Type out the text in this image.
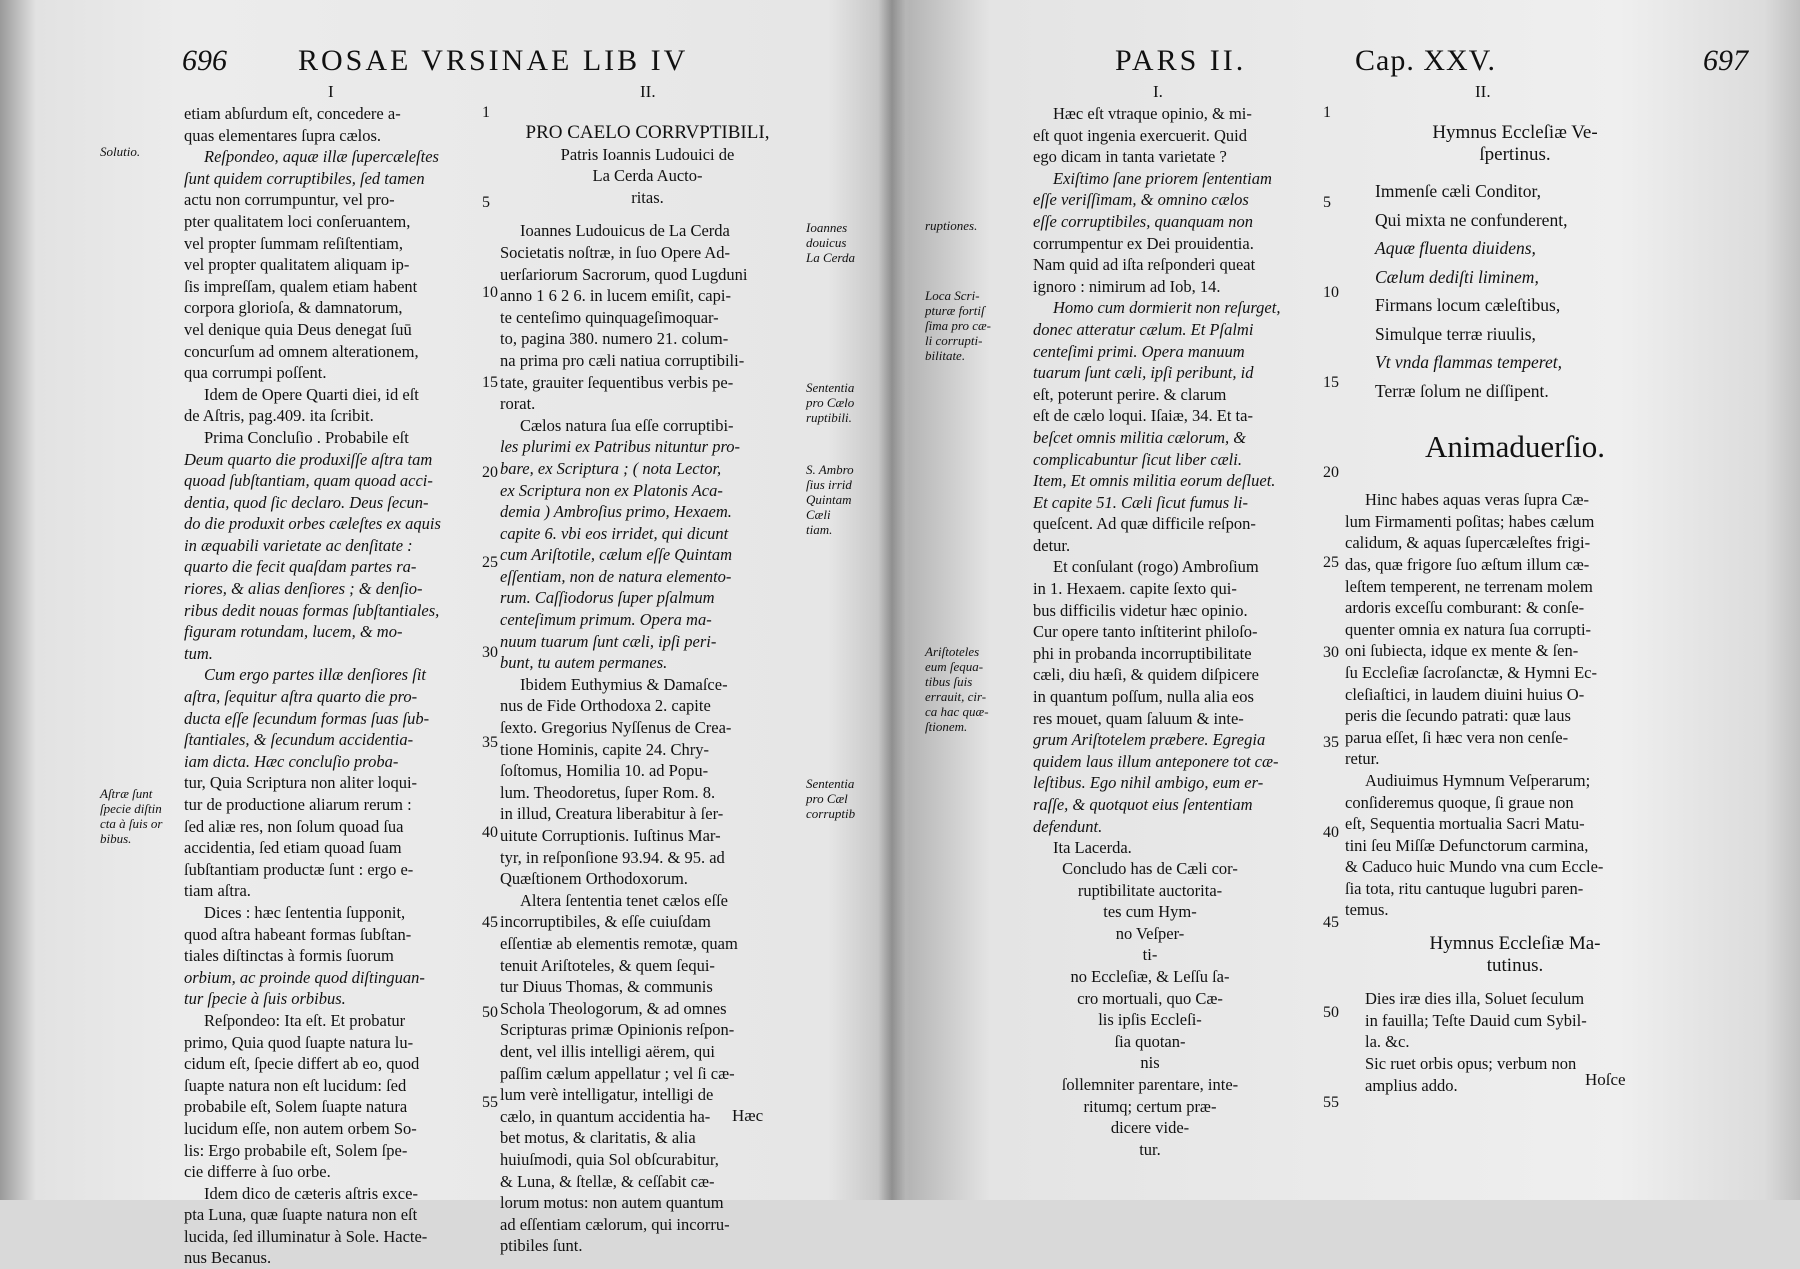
696 ROSAE VRSINAE LIB IV
I	II.
Solutio.
Aſtræ ſunt
ſpecie diſtin
cta à ſuis or
bibus.
etiam abſurdum eſt, concedere a-
quas elementares ſupra cælos.
Reſpondeo, aquæ illæ ſupercæleſtes
ſunt quidem corruptibiles, ſed tamen
actu non corrumpuntur, vel pro-
pter qualitatem loci conſeruantem,
vel propter ſummam reſiſtentiam,
vel propter qualitatem aliquam ip-
ſis impreſſam, qualem etiam habent
corpora glorioſa, & damnatorum,
vel denique quia Deus denegat ſuū
concurſum ad omnem alterationem,
qua corrumpi poſſent.
Idem de Opere Quarti diei, id eſt
de Aſtris, pag.409. ita ſcribit.
Prima Concluſio . Probabile eſt
Deum quarto die produxiſſe aſtra tam
quoad ſubſtantiam, quam quoad acci-
dentia, quod ſic declaro. Deus ſecun-
do die produxit orbes cæleſtes ex aquis
in æquabili varietate ac denſitate :
quarto die fecit quaſdam partes ra-
riores, & alias denſiores ; & denſio-
ribus dedit nouas formas ſubſtantiales,
figuram rotundam, lucem, & mo-
tum.
Cum ergo partes illæ denſiores ſit
aſtra, ſequitur aſtra quarto die pro-
ducta eſſe ſecundum formas ſuas ſub-
ſtantiales, & ſecundum accidentia-
iam dicta. Hæc concluſio proba-
tur, Quia Scriptura non aliter loqui-
tur de productione aliarum rerum :
ſed aliæ res, non ſolum quoad ſua
accidentia, ſed etiam quoad ſuam
ſubſtantiam productæ ſunt : ergo e-
tiam aſtra.
Dices : hæc ſententia ſupponit,
quod aſtra habeant formas ſubſtan-
tiales diſtinctas à formis ſuorum
orbium, ac proinde quod diſtinguan-
tur ſpecie à ſuis orbibus.
Reſpondeo: Ita eſt. Et probatur
primo, Quia quod ſuapte natura lu-
cidum eſt, ſpecie differt ab eo, quod
ſuapte natura non eſt lucidum: ſed
probabile eſt, Solem ſuapte natura
lucidum eſſe, non autem orbem So-
lis: Ergo probabile eſt, Solem ſpe-
cie differre à ſuo orbe.
Idem dico de cæteris aſtris exce-
pta Luna, quæ ſuapte natura non eſt
lucida, ſed illuminatur à Sole. Hacte-
nus Becanus.
1
5
10
15
20
25
30
35
40
45
50
55
PRO CAELO CORRVPTIBILI,
Patris Ioannis Ludouici de
La Cerda Aucto-
ritas.
Ioannes Ludouicus de La Cerda
Societatis noſtræ, in ſuo Opere Ad-
uerſariorum Sacrorum, quod Lugduni
anno 1 6 2 6. in lucem emiſit, capi-
te centeſimo quinquageſimoquar-
to, pagina 380. numero 21. colum-
na prima pro cæli natiua corruptibili-
tate, grauiter ſequentibus verbis pe-
rorat.
Cælos natura ſua eſſe corruptibi-
les plurimi ex Patribus nituntur pro-
bare, ex Scriptura ; ( nota Lector,
ex Scriptura non ex Platonis Aca-
demia ) Ambroſius primo, Hexaem.
capite 6. vbi eos irridet, qui dicunt
cum Ariſtotile, cælum eſſe Quintam
eſſentiam, non de natura elemento-
rum. Caſſiodorus ſuper pſalmum
centeſimum primum. Opera ma-
nuum tuarum ſunt cæli, ipſi peri-
bunt, tu autem permanes.
Ibidem Euthymius & Damaſce-
nus de Fide Orthodoxa 2. capite
ſexto. Gregorius Nyſſenus de Crea-
tione Hominis, capite 24. Chry-
ſoſtomus, Homilia 10. ad Popu-
lum. Theodoretus, ſuper Rom. 8.
in illud, Creatura liberabitur à ſer-
uitute Corruptionis. Iuſtinus Mar-
tyr, in reſponſione 93.94. & 95. ad
Quæſtionem Orthodoxorum.
Altera ſententia tenet cælos eſſe
incorruptibiles, & eſſe cuiuſdam
eſſentiæ ab elementis remotæ, quam
tenuit Ariſtoteles, & quem ſequi-
tur Diuus Thomas, & communis
Schola Theologorum, & ad omnes
Scripturas primæ Opinionis reſpon-
dent, vel illis intelligi aërem, qui
paſſim cælum appellatur ; vel ſi cæ-
lum verè intelligatur, intelligi de
cælo, in quantum accidentia ha-
bet motus, & claritatis, & alia
huiuſmodi, quia Sol obſcurabitur,
& Luna, & ſtellæ, & ceſſabit cæ-
lorum motus: non autem quantum
ad eſſentiam cælorum, qui incorru-
ptibiles ſunt.
Ioannes
douicus
La Cerda
Sententia
pro Cælo
ruptibili.
S. Ambro
ſius irrid
Quintam
Cæli
tiam.
Sententia
pro Cæl
corruptib
Hæc
PARS II.	Cap. XXV.	697
I.	II.
ruptiones.
Loca Scri-
pturæ fortiſ
ſima pro cæ-
li corrupti-
bilitate.
Ariſtoteles
eum ſequa-
tibus ſuis
errauit, cir-
ca hac quæ-
ſtionem.
Hæc eſt vtraque opinio, & mi-
eſt quot ingenia exercuerit. Quid
ego dicam in tanta varietate ?
Exiſtimo ſane priorem ſententiam
eſſe veriſſimam, & omnino cælos
eſſe corruptibiles, quanquam non
corrumpentur ex Dei prouidentia.
Nam quid ad iſta reſponderi queat
ignoro : nimirum ad Iob, 14.
Homo cum dormierit non reſurget,
donec atteratur cælum. Et Pſalmi
centeſimi primi. Opera manuum
tuarum ſunt cæli, ipſi peribunt, id
eſt, poterunt perire. & clarum
eſt de cælo loqui. Iſaiæ, 34. Et ta-
beſcet omnis militia cælorum, &
complicabuntur ſicut liber cæli.
Item, Et omnis militia eorum deſluet.
Et capite 51. Cæli ſicut fumus li-
queſcent. Ad quæ difficile reſpon-
detur.
Et conſulant (rogo) Ambroſium
in 1. Hexaem. capite ſexto qui-
bus difficilis videtur hæc opinio.
Cur opere tanto inſtiterint philoſo-
phi in probanda incorruptibilitate
cæli, diu hæſi, & quidem diſpicere
in quantum poſſum, nulla alia eos
res mouet, quam ſaluum & inte-
grum Ariſtotelem præbere. Egregia
quidem laus illum anteponere tot cæ-
leſtibus. Ego nihil ambigo, eum er-
raſſe, & quotquot eius ſententiam
defendunt.
Ita Lacerda.
Concludo has de Cæli cor-
ruptibilitate auctorita-
tes cum Hym-
no Veſper-
ti-
no Eccleſiæ, & Leſſu ſa-
cro mortuali, quo Cæ-
lis ipſis Eccleſi-
ſia quotan-
nis
ſollemniter parentare, inte-
ritumq; certum præ-
dicere vide-
tur.
1
5
10
15
20
25
30
35
40
45
50
55
Hymnus Eccleſiæ Ve-
ſpertinus.
Immenſe cæli Conditor,
Qui mixta ne confunderent,
Aquæ fluenta diuidens,
Cælum dediſti liminem,
Firmans locum cæleſtibus,
Simulque terræ riuulis,
Vt vnda flammas temperet,
Terræ ſolum ne diſſipent.
Animaduerſio.
Hinc habes aquas veras ſupra Cæ-
lum Firmamenti poſitas; habes cælum
calidum, & aquas ſupercæleſtes frigi-
das, quæ frigore ſuo æſtum illum cæ-
leſtem temperent, ne terrenam molem
ardoris exceſſu comburant: & conſe-
quenter omnia ex natura ſua corrupti-
oni ſubiecta, idque ex mente & ſen-
ſu Eccleſiæ ſacroſanctæ, & Hymni Ec-
cleſiaſtici, in laudem diuini huius O-
peris die ſecundo patrati: quæ laus
parua eſſet, ſi hæc vera non cenſe-
retur.
Audiuimus Hymnum Veſperarum;
conſideremus quoque, ſi graue non
eſt, Sequentia mortualia Sacri Matu-
tini ſeu Miſſæ Defunctorum carmina,
& Caduco huic Mundo vna cum Eccle-
ſia tota, ritu cantuque lugubri paren-
temus.
Hymnus Eccleſiæ Ma-
tutinus.
Dies iræ dies illa, Soluet ſeculum
in fauilla; Teſte Dauid cum Sybil-
la. &c.
Sic ruet orbis opus; verbum non
amplius addo.	Hoſce
